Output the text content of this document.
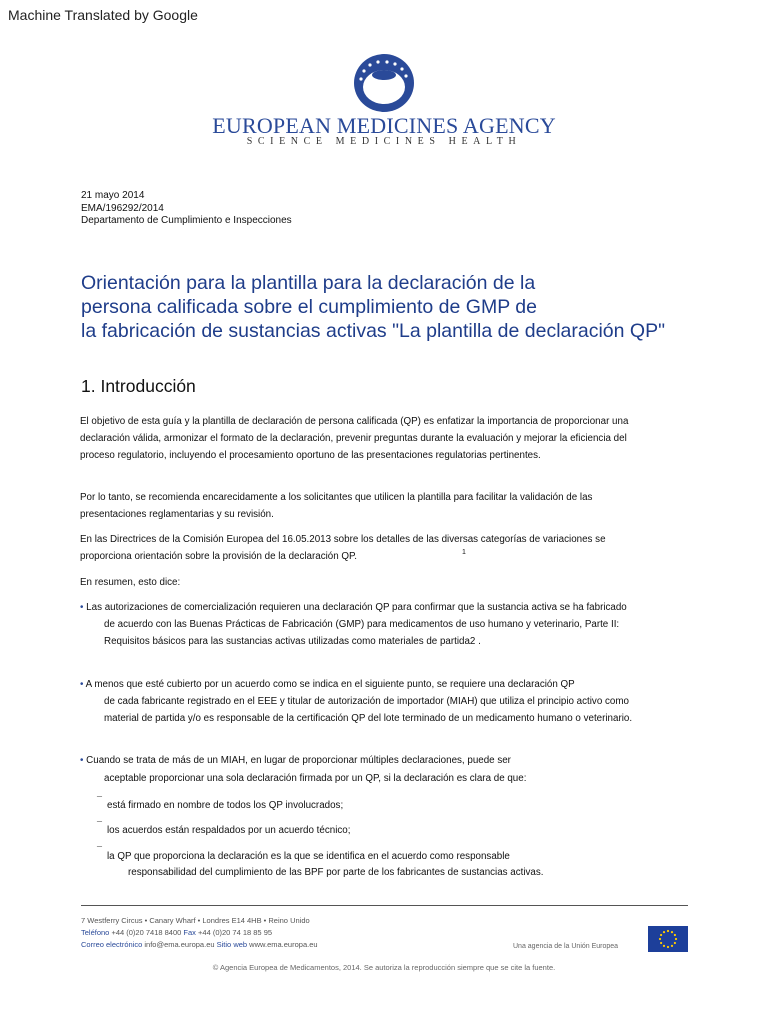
Machine Translated by Google
EUROPEAN MEDICINES AGENCY
SCIENCE MEDICINES HEALTH
21 mayo 2014
EMA/196292/2014
Departamento de Cumplimiento e Inspecciones
Orientación para la plantilla para la declaración de la
persona calificada sobre el cumplimiento de GMP de
la fabricación de sustancias activas "La plantilla de declaración QP"
1. Introducción
El objetivo de esta guía y la plantilla de declaración de persona calificada (QP) es enfatizar la importancia de proporcionar una
declaración válida, armonizar el formato de la declaración, prevenir preguntas durante la evaluación y mejorar la eficiencia del
proceso regulatorio, incluyendo el procesamiento oportuno de las presentaciones regulatorias pertinentes.
Por lo tanto, se recomienda encarecidamente a los solicitantes que utilicen la plantilla para facilitar la validación de las
presentaciones reglamentarias y su revisión.
En las Directrices de la Comisión Europea del 16.05.2013 sobre los detalles de las diversas categorías de variaciones se
proporciona orientación sobre la provisión de la declaración QP.	1
En resumen, esto dice:
• Las autorizaciones de comercialización requieren una declaración QP para confirmar que la sustancia activa se ha fabricado
de acuerdo con las Buenas Prácticas de Fabricación (GMP) para medicamentos de uso humano y veterinario, Parte II:
Requisitos básicos para las sustancias activas utilizadas como materiales de partida2 .
• A menos que esté cubierto por un acuerdo como se indica en el siguiente punto, se requiere una declaración QP
de cada fabricante registrado en el EEE y titular de autorización de importador (MIAH) que utiliza el principio activo como
material de partida y/o es responsable de la certificación QP del lote terminado de un medicamento humano o veterinario.
• Cuando se trata de más de un MIAH, en lugar de proporcionar múltiples declaraciones, puede ser
aceptable proporcionar una sola declaración firmada por un QP, si la declaración es clara de que:
¯ está firmado en nombre de todos los QP involucrados;
¯ los acuerdos están respaldados por un acuerdo técnico;
¯
la QP que proporciona la declaración es la que se identifica en el acuerdo como responsable
responsabilidad del cumplimiento de las BPF por parte de los fabricantes de sustancias activas.
7 Westferry Circus • Canary Wharf • Londres E14 4HB • Reino Unido
Teléfono +44 (0)20 7418 8400 Fax +44 (0)20 74 18 85 95
Correo electrónico info@ema.europa.eu Sitio web www.ema.europa.eu	Una agencia de la Unión Europea
© Agencia Europea de Medicamentos, 2014. Se autoriza la reproducción siempre que se cite la fuente.
